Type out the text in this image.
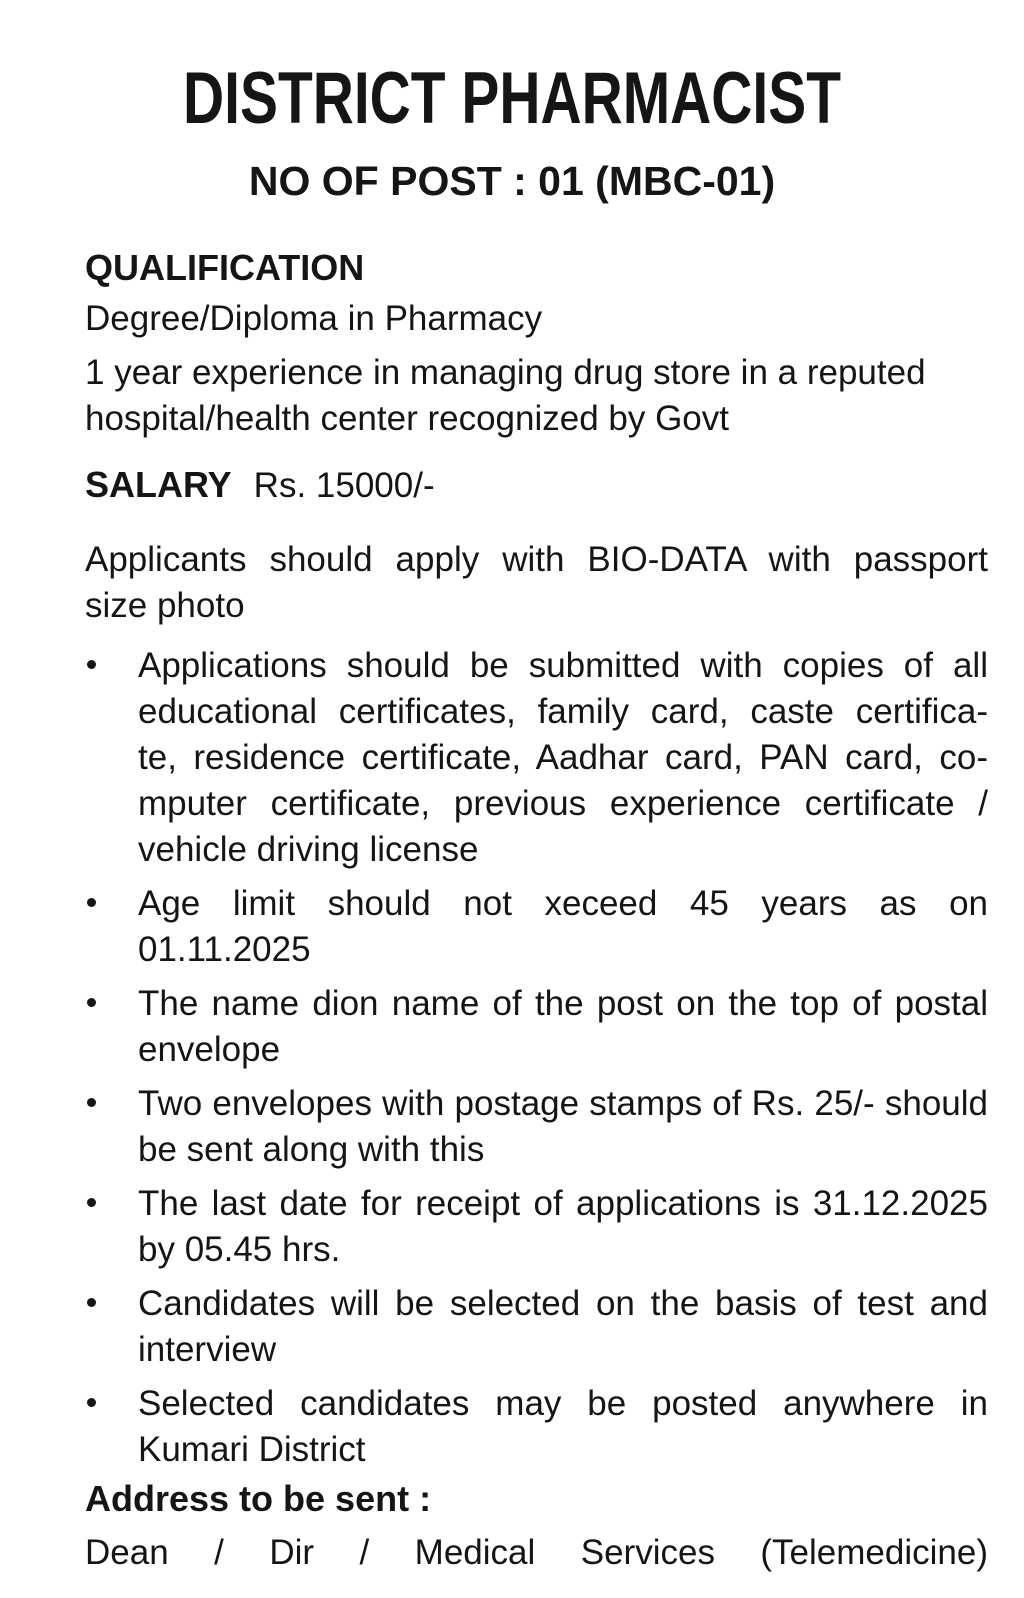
DISTRICT PHARMACIST
NO OF POST : 01 (MBC-01)
QUALIFICATION

Degree/Diploma in Pharmacy

1 year experience in managing drug store in a reputed
hospital/health center recognized by Govt

SALARY Rs. 15000/-

Applicants should apply with BIO-DATA with passport
size photo

Applications should be submitted with copies of all
educational certificates, family card, caste certifica-
te, residence certificate, Aadhar card, PAN card, co-
mputer certificate, previous experience certificate /
vehicle driving license
Age limit should not xeceed 45 years as on
01.11.2025
The name dion name of the post on the top of postal
envelope
Two envelopes with postage stamps of Rs. 25/- should
be sent along with this
The last date for receipt of applications is 31.12.2025
by 05.45 hrs.
Candidates will be selected on the basis of test and
interview
Selected candidates may be posted anywhere in
Kumari District
Address to be sent :

Dean / Dir / Medical Services (Telemedicine)
